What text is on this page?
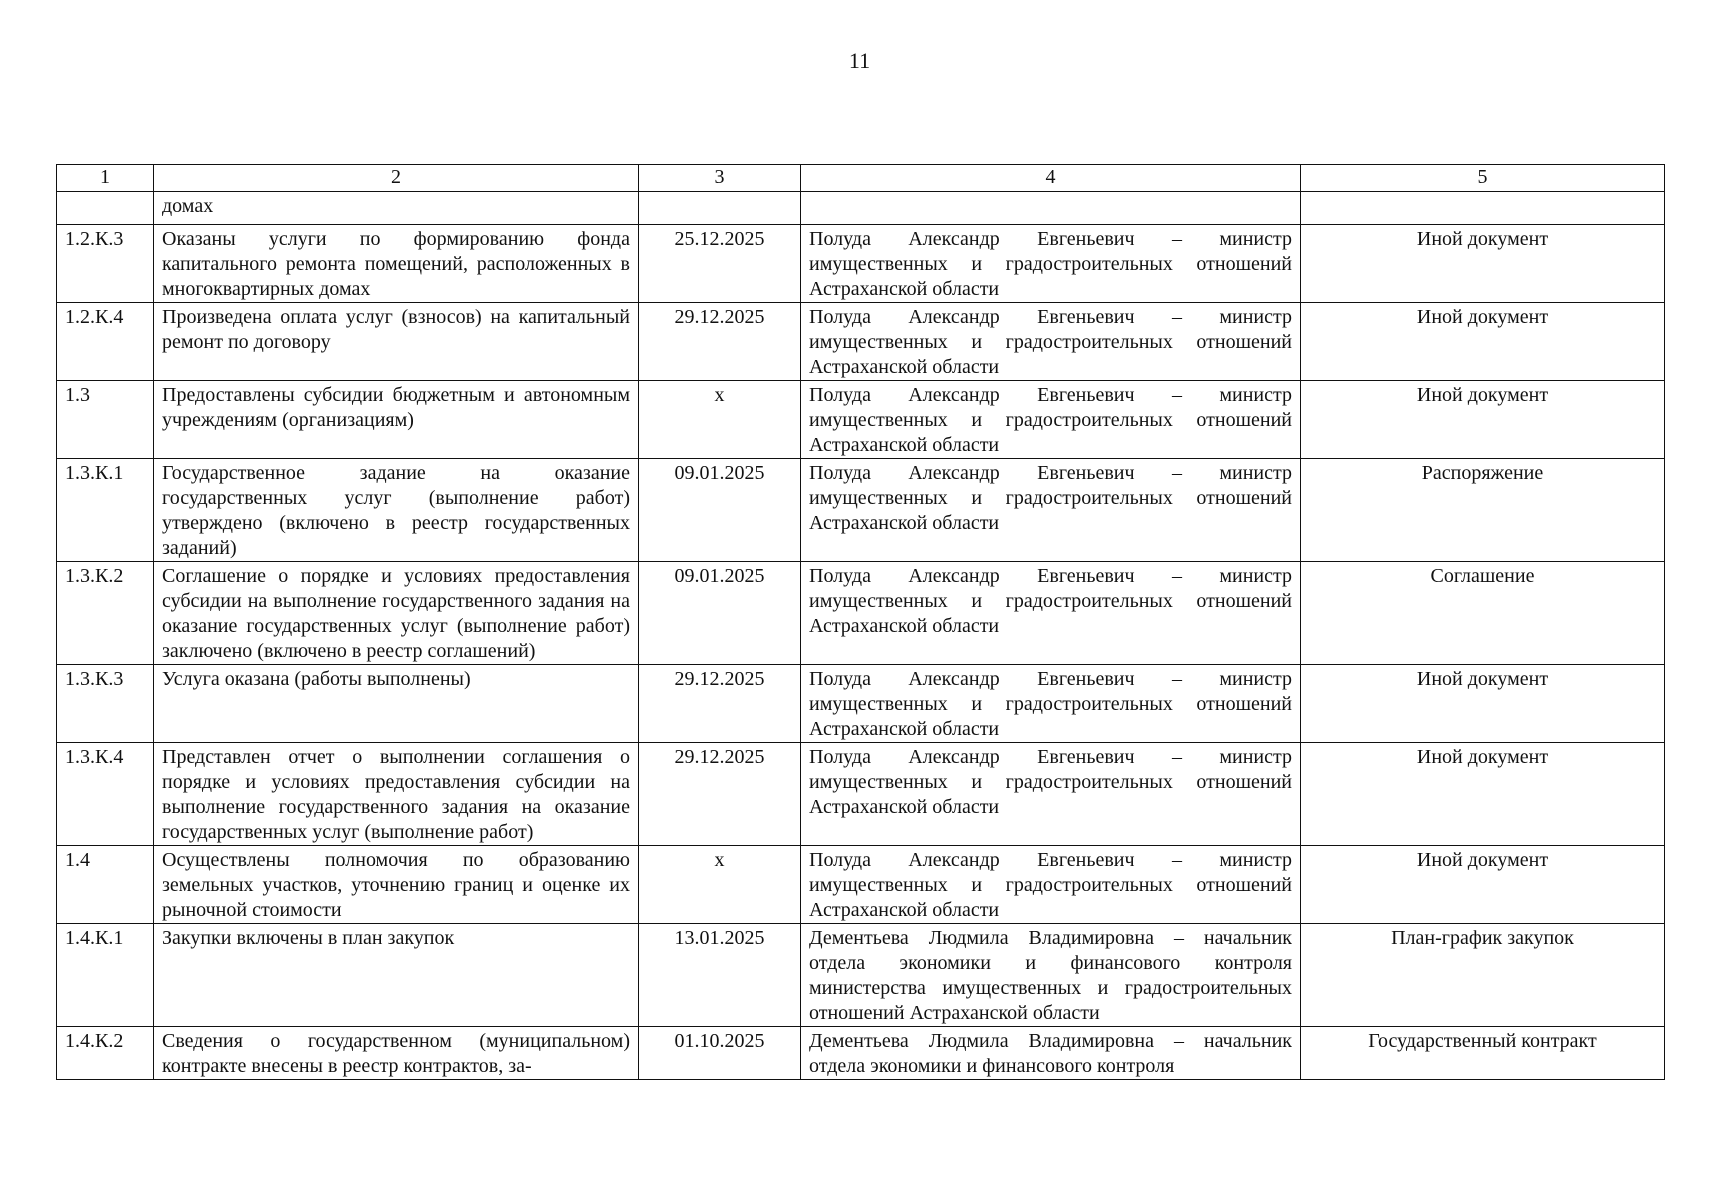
11
1	2	3	4	5
	домах			
1.2.К.3	Оказаны услуги по формированию фонда капитального ремонта помещений, расположенных в многоквартирных домах	25.12.2025	Полуда Александр Евгеньевич – министр имущественных и градостроительных отношений Астраханской области	Иной документ
1.2.К.4	Произведена оплата услуг (взносов) на капитальный ремонт по договору	29.12.2025	Полуда Александр Евгеньевич – министр имущественных и градостроительных отношений Астраханской области	Иной документ
1.3	Предоставлены субсидии бюджетным и автономным учреждениям (организациям)	х	Полуда Александр Евгеньевич – министр имущественных и градостроительных отношений Астраханской области	Иной документ
1.3.К.1	Государственное задание на оказание государственных услуг (выполнение работ) утверждено (включено в реестр государственных заданий)	09.01.2025	Полуда Александр Евгеньевич – министр имущественных и градостроительных отношений Астраханской области	Распоряжение
1.3.К.2	Соглашение о порядке и условиях предоставления субсидии на выполнение государственного задания на оказание государственных услуг (выполнение работ) заключено (включено в реестр соглашений)	09.01.2025	Полуда Александр Евгеньевич – министр имущественных и градостроительных отношений Астраханской области	Соглашение
1.3.К.3	Услуга оказана (работы выполнены)	29.12.2025	Полуда Александр Евгеньевич – министр имущественных и градостроительных отношений Астраханской области	Иной документ
1.3.К.4	Представлен отчет о выполнении соглашения о порядке и условиях предоставления субсидии на выполнение государственного задания на оказание государственных услуг (выполнение работ)	29.12.2025	Полуда Александр Евгеньевич – министр имущественных и градостроительных отношений Астраханской области	Иной документ
1.4	Осуществлены полномочия по образованию земельных участков, уточнению границ и оценке их рыночной стоимости	х	Полуда Александр Евгеньевич – министр имущественных и градостроительных отношений Астраханской области	Иной документ
1.4.К.1	Закупки включены в план закупок	13.01.2025	Дементьева Людмила Владимировна – начальник отдела экономики и финансового контроля министерства имущественных и градостроительных отношений Астраханской области	План-график закупок
1.4.К.2	Сведения о государственном (муниципальном) контракте внесены в реестр контрактов, за-	01.10.2025	Дементьева Людмила Владимировна – начальник отдела экономики и финансового контроля	Государственный контракт
